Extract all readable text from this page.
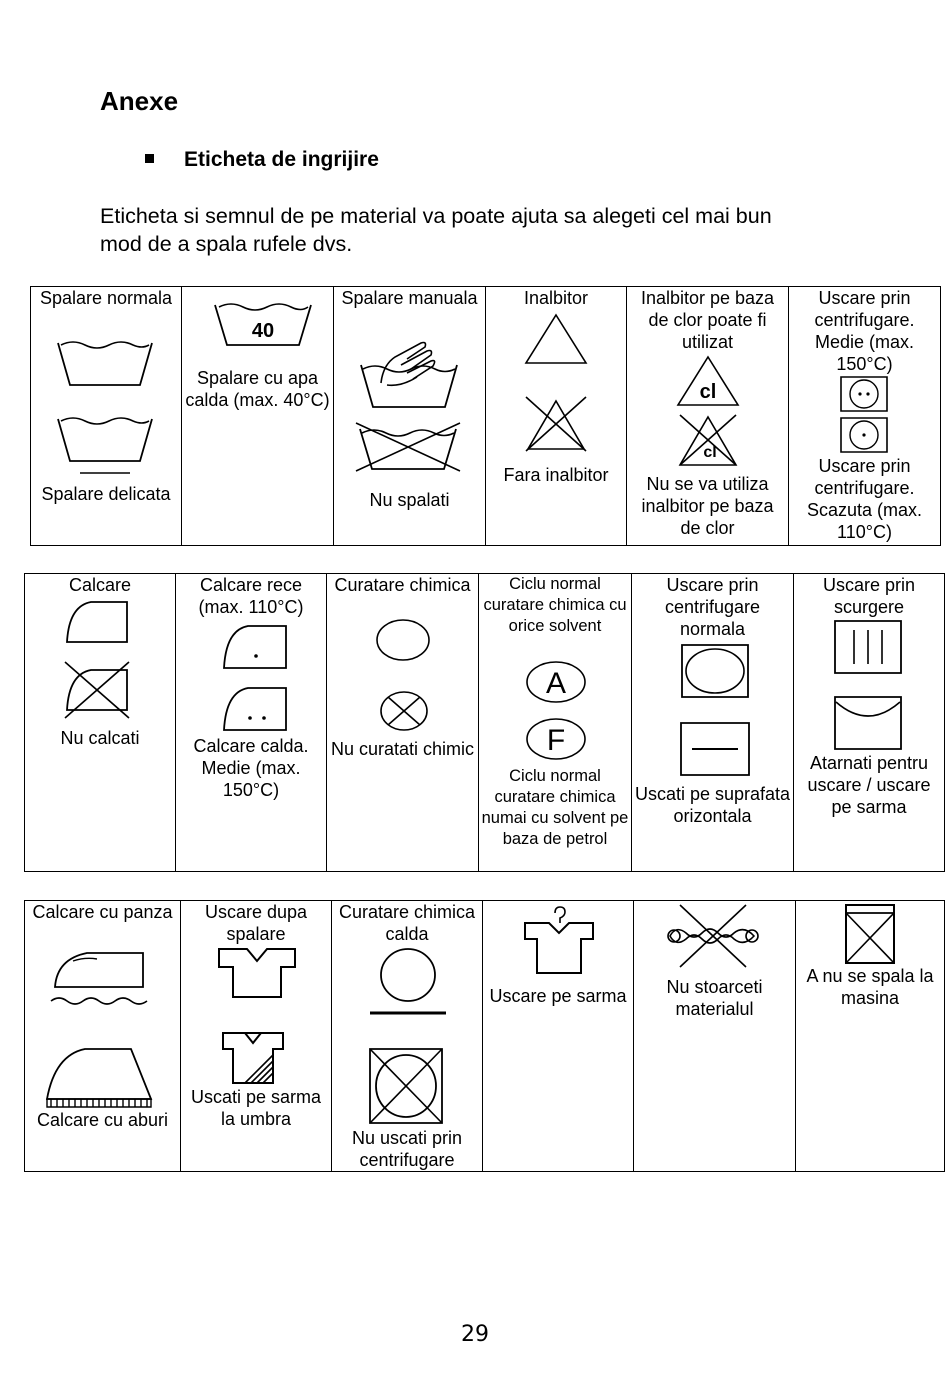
Anexe
Eticheta de ingrijire
Eticheta si semnul de pe material va poate ajuta sa alegeti cel mai bun
mod de a spala rufele dvs.
Spalare normala
Spalare delicata
40
Spalare cu apa calda (max. 40°C)
Spalare manuala
Nu spalati
Inalbitor
Fara inalbitor
Inalbitor pe baza de clor poate fi utilizat
cl
cl
Nu se va utiliza inalbitor pe baza de clor
Uscare prin centrifugare. Medie (max. 150°C)
Uscare prin centrifugare. Scazuta (max. 110°C)
Calcare
Nu calcati
Calcare rece (max. 110°C)
Calcare calda. Medie (max. 150°C)
Curatare chimica
Nu curatati chimic
Ciclu normal curatare chimica cu orice solvent
A
F
Ciclu normal curatare chimica numai cu solvent pe baza de petrol
Uscare prin centrifugare normala
Uscati pe suprafata orizontala
Uscare prin scurgere
Atarnati pentru uscare / uscare pe sarma
Calcare cu panza
Calcare cu aburi
Uscare dupa spalare
Uscati pe sarma la umbra
Curatare chimica calda
Nu uscati prin centrifugare
Uscare pe sarma	Nu stoarceti materialul
A nu se spala la masina
29
